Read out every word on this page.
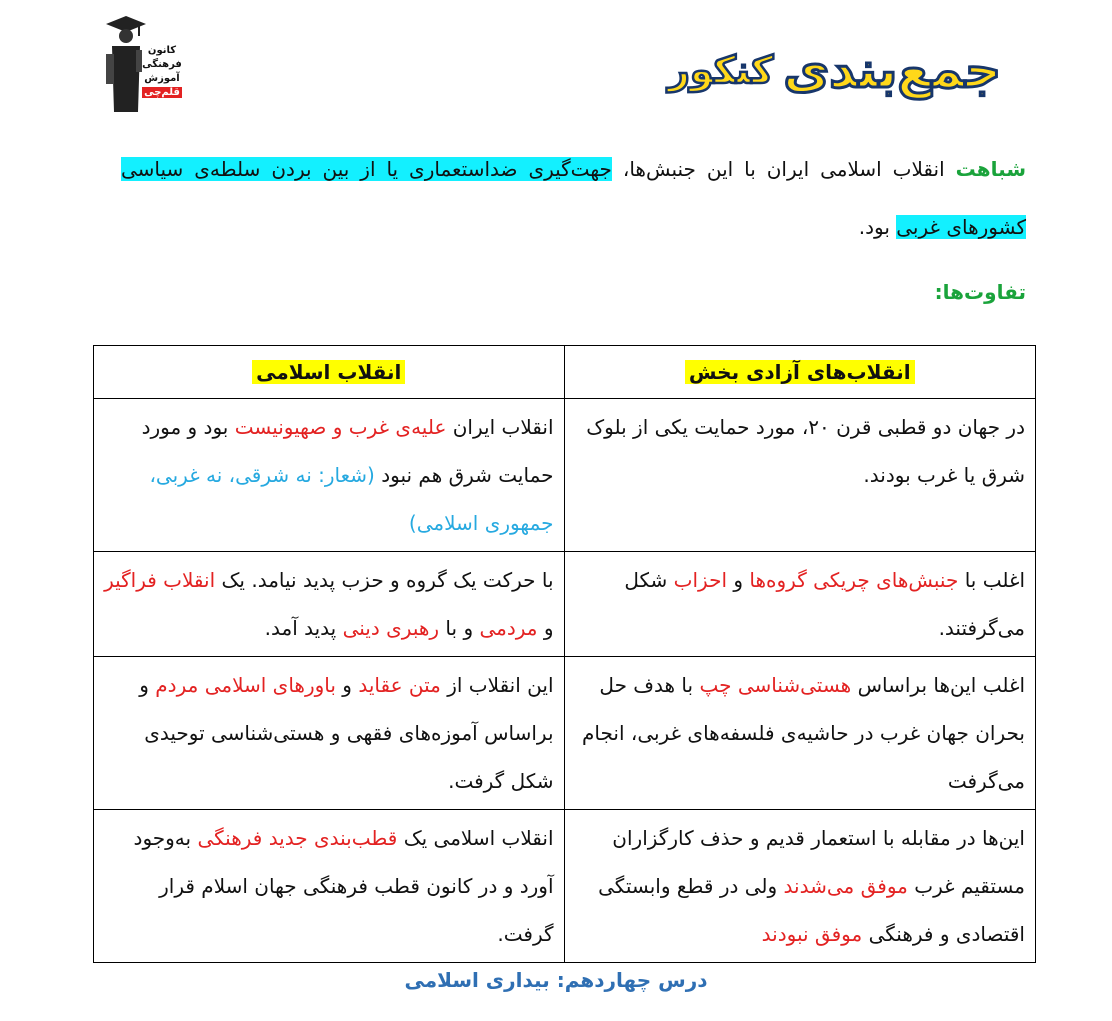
کانون
فرهنگی
آموزش
قلم‌چی	جمع‌بندی
کنکور
شباهت انقلاب اسلامی ایران با این جنبش‌ها، جهت‌گیری ضداستعماری یا از بین بردن سلطه‌ی سیاسی کشورهای غربی بود.
تفاوت‌ها:
انقلاب‌های آزادی بخش	انقلاب اسلامی
در جهان دو قطبی قرن ۲۰، مورد حمایت یکی از بلوک شرق یا غرب بودند.	انقلاب ایران علیه‌ی غرب و صهیونیست بود و مورد حمایت شرق هم نبود (شعار: نه شرقی، نه غربی، جمهوری اسلامی)
اغلب با جنبش‌های چریکی گروه‌ها و احزاب شکل می‌گرفتند.	با حرکت یک گروه و حزب پدید نیامد. یک انقلاب فراگیر و مردمی و با رهبری دینی پدید آمد.
اغلب این‌ها براساس هستی‌شناسی چپ با هدف حل بحران جهان غرب در حاشیه‌ی فلسفه‌های غربی، انجام می‌گرفت	این انقلاب از متن عقاید و باورهای اسلامی مردم و براساس آموزه‌های فقهی و هستی‌شناسی توحیدی شکل گرفت.
این‌ها در مقابله با استعمار قدیم و حذف کارگزاران مستقیم غرب موفق می‌شدند ولی در قطع وابستگی اقتصادی و فرهنگی موفق نبودند	انقلاب اسلامی یک قطب‌بندی جدید فرهنگی به‌وجود آورد و در کانون قطب فرهنگی جهان اسلام قرار گرفت.
درس چهاردهم: بیداری اسلامی
